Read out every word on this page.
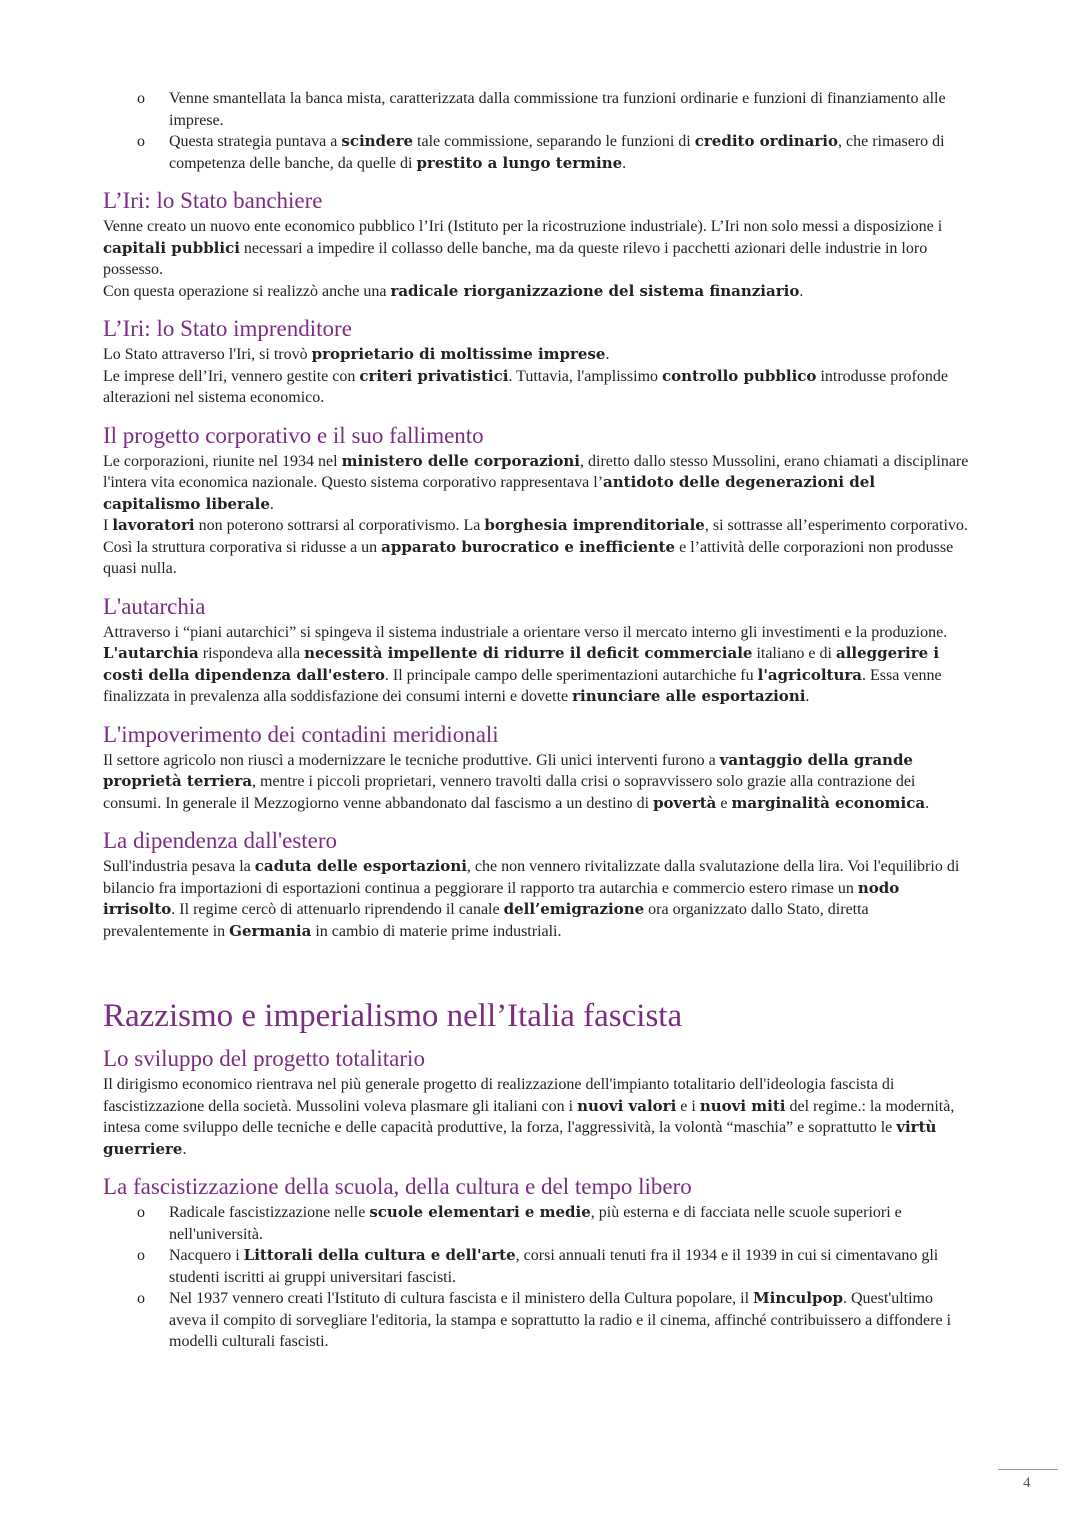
o Venne smantellata la banca mista, caratterizzata dalla commissione tra funzioni ordinarie e funzioni di finanziamento alle imprese.
o Questa strategia puntava a scindere tale commissione, separando le funzioni di credito ordinario, che rimasero di competenza delle banche, da quelle di prestito a lungo termine.
L’Iri: lo Stato banchiere

Venne creato un nuovo ente economico pubblico l’Iri (Istituto per la ricostruzione industriale). L’Iri non solo messi a disposizione i capitali pubblici necessari a impedire il collasso delle banche, ma da queste rilevo i pacchetti azionari delle industrie in loro possesso.

Con questa operazione si realizzò anche una radicale riorganizzazione del sistema finanziario.

L’Iri: lo Stato imprenditore

Lo Stato attraverso l'Iri, si trovò proprietario di moltissime imprese.

Le imprese dell’Iri, vennero gestite con criteri privatistici. Tuttavia, l'amplissimo controllo pubblico introdusse profonde alterazioni nel sistema economico.

Il progetto corporativo e il suo fallimento

Le corporazioni, riunite nel 1934 nel ministero delle corporazioni, diretto dallo stesso Mussolini, erano chiamati a disciplinare l'intera vita economica nazionale. Questo sistema corporativo rappresentava l’antidoto delle degenerazioni del capitalismo liberale.

I lavoratori non poterono sottrarsi al corporativismo. La borghesia imprenditoriale, si sottrasse all’esperimento corporativo.

Così la struttura corporativa si ridusse a un apparato burocratico e inefficiente e l’attività delle corporazioni non produsse quasi nulla.

L'autarchia

Attraverso i “piani autarchici” si spingeva il sistema industriale a orientare verso il mercato interno gli investimenti e la produzione. L'autarchia rispondeva alla necessità impellente di ridurre il deficit commerciale italiano e di alleggerire i costi della dipendenza dall'estero. Il principale campo delle sperimentazioni autarchiche fu l'agricoltura. Essa venne finalizzata in prevalenza alla soddisfazione dei consumi interni e dovette rinunciare alle esportazioni.

L'impoverimento dei contadini meridionali

Il settore agricolo non riuscì a modernizzare le tecniche produttive. Gli unici interventi furono a vantaggio della grande proprietà terriera, mentre i piccoli proprietari, vennero travolti dalla crisi o sopravvissero solo grazie alla contrazione dei consumi. In generale il Mezzogiorno venne abbandonato dal fascismo a un destino di povertà e marginalità economica.

La dipendenza dall'estero

Sull'industria pesava la caduta delle esportazioni, che non vennero rivitalizzate dalla svalutazione della lira. Voi l'equilibrio di bilancio fra importazioni di esportazioni continua a peggiorare il rapporto tra autarchia e commercio estero rimase un nodo irrisolto. Il regime cercò di attenuarlo riprendendo il canale dell’emigrazione ora organizzato dallo Stato, diretta prevalentemente in Germania in cambio di materie prime industriali.

Razzismo e imperialismo nell’Italia fascista
Lo sviluppo del progetto totalitario

Il dirigismo economico rientrava nel più generale progetto di realizzazione dell'impianto totalitario dell'ideologia fascista di fascistizzazione della società. Mussolini voleva plasmare gli italiani con i nuovi valori e i nuovi miti del regime.: la modernità, intesa come sviluppo delle tecniche e delle capacità produttive, la forza, l'aggressività, la volontà “maschia” e soprattutto le virtù guerriere.

La fascistizzazione della scuola, della cultura e del tempo libero
o Radicale fascistizzazione nelle scuole elementari e medie, più esterna e di facciata nelle scuole superiori e nell'università.
o Nacquero i Littorali della cultura e dell'arte, corsi annuali tenuti fra il 1934 e il 1939 in cui si cimentavano gli studenti iscritti ai gruppi universitari fascisti.
o Nel 1937 vennero creati l'Istituto di cultura fascista e il ministero della Cultura popolare, il Minculpop. Quest'ultimo aveva il compito di sorvegliare l'editoria, la stampa e soprattutto la radio e il cinema, affinché contribuissero a diffondere i modelli culturali fascisti.
4
